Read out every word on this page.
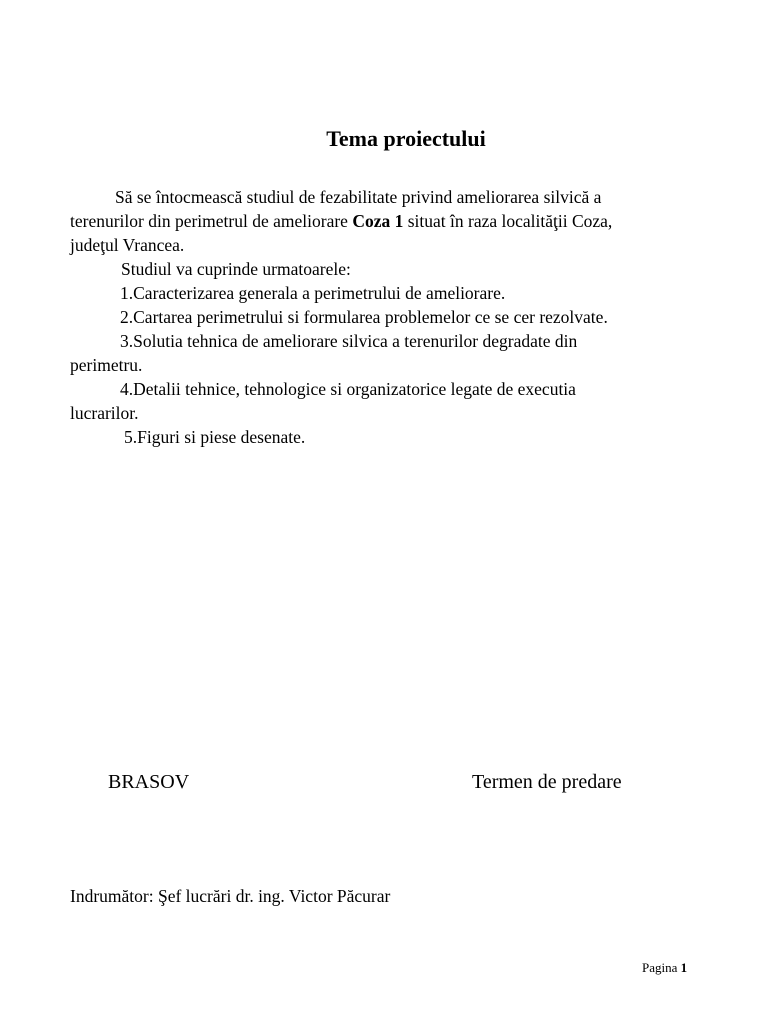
Tema proiectului
Să se întocmească studiul de fezabilitate privind ameliorarea silvică a
terenurilor din perimetrul de ameliorare Coza 1 situat în raza localităţii Coza,
judeţul Vrancea.
Studiul va cuprinde urmatoarele:
1.Caracterizarea generala a perimetrului de ameliorare.
2.Cartarea perimetrului si formularea problemelor ce se cer rezolvate.
3.Solutia tehnica de ameliorare silvica a terenurilor degradate din
perimetru.
4.Detalii tehnice, tehnologice si organizatorice legate de executia
lucrarilor.
5.Figuri si piese desenate.
BRASOV	Termen de predare
Indrumător: Şef lucrări dr. ing. Victor Păcurar
Pagina 1
